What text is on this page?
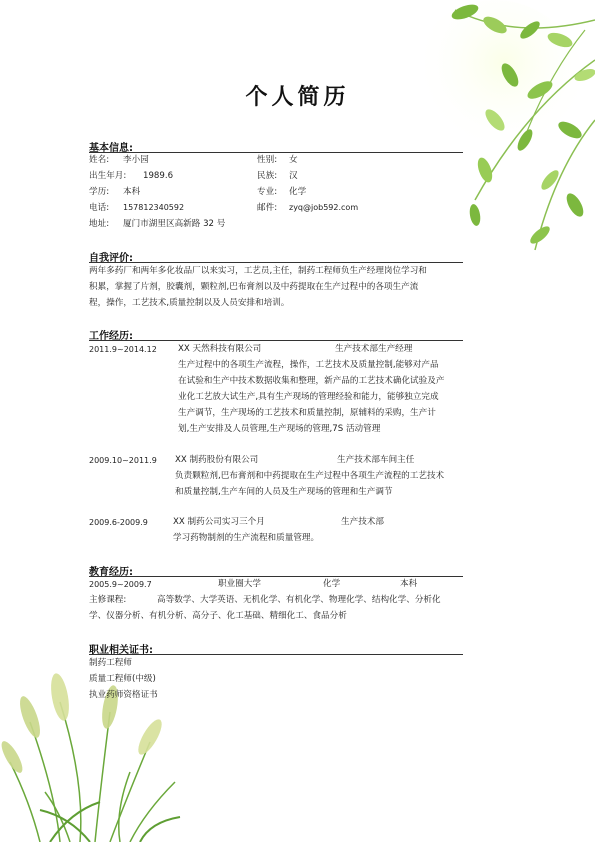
个人简历
基本信息:
姓名: 李小园	性别: 女
出生年月: 1989.6	民族: 汉
学历: 本科	专业: 化学
电话: 157812340592	邮件: zyq@job592.com
地址: 厦门市湖里区高新路 32 号
自我评价:
两年多药厂和两年多化妆品厂以来实习，工艺员,主任，制药工程师负生产经理岗位学习和
积累，掌握了片剂，胶囊剂，颗粒剂,巴布膏剂以及中药提取在生产过程中的各项生产流
程，操作，工艺技术,质量控制以及人员安排和培训。
工作经历:
2011.9~2014.12 XX 天然科技有限公司	生产技术部生产经理
生产过程中的各项生产流程，操作，工艺技术及质量控制,能够对产品
在试验和生产中技术数据收集和整理，新产品的工艺技术确化试验及产
业化工艺放大试生产,具有生产现场的管理经验和能力，能够独立完成
生产调节，生产现场的工艺技术和质量控制，原辅料的采购，生产计
划,生产安排及人员管理,生产现场的管理,7S 活动管理
2009.10~2011.9 XX 制药股份有限公司	生产技术部车间主任
负责颗粒剂,巴布膏剂和中药提取在生产过程中各项生产流程的工艺技术
和质量控制,生产车间的人员及生产现场的管理和生产调节
2009.6-2009.9	XX 制药公司实习三个月	生产技术部
学习药物制剂的生产流程和质量管理。
教育经历:
2005.9~2009.7	职业圈大学	化学	本科
主修课程:	高等数学、大学英语、无机化学、有机化学、物理化学、结构化学、分析化
学、仪器分析、有机分析、高分子、化工基础、精细化工、食品分析
职业相关证书:
制药工程师
质量工程师(中级)
执业药师资格证书
